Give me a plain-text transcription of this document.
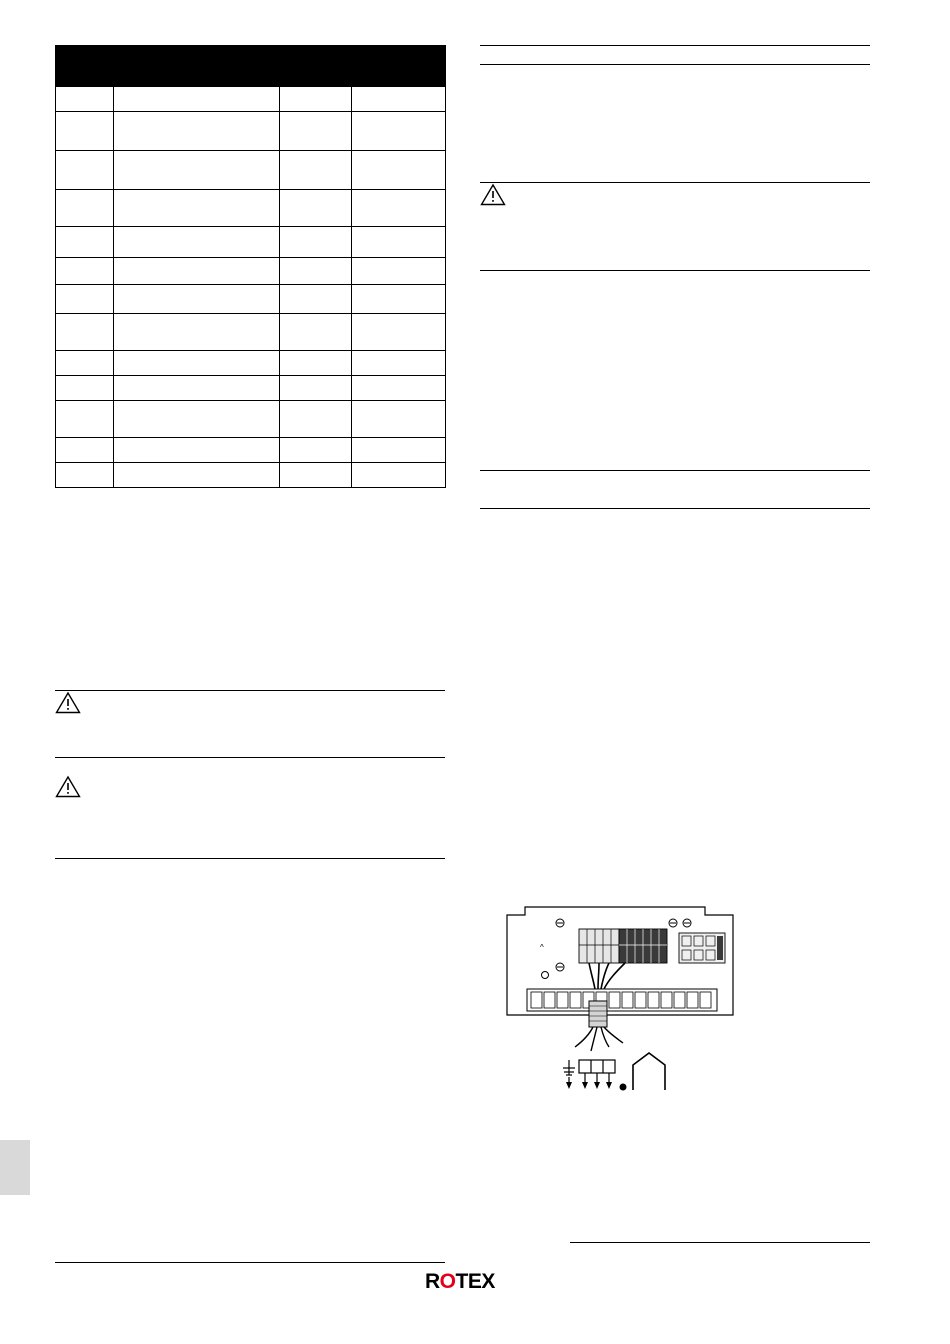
^
ROTEX
